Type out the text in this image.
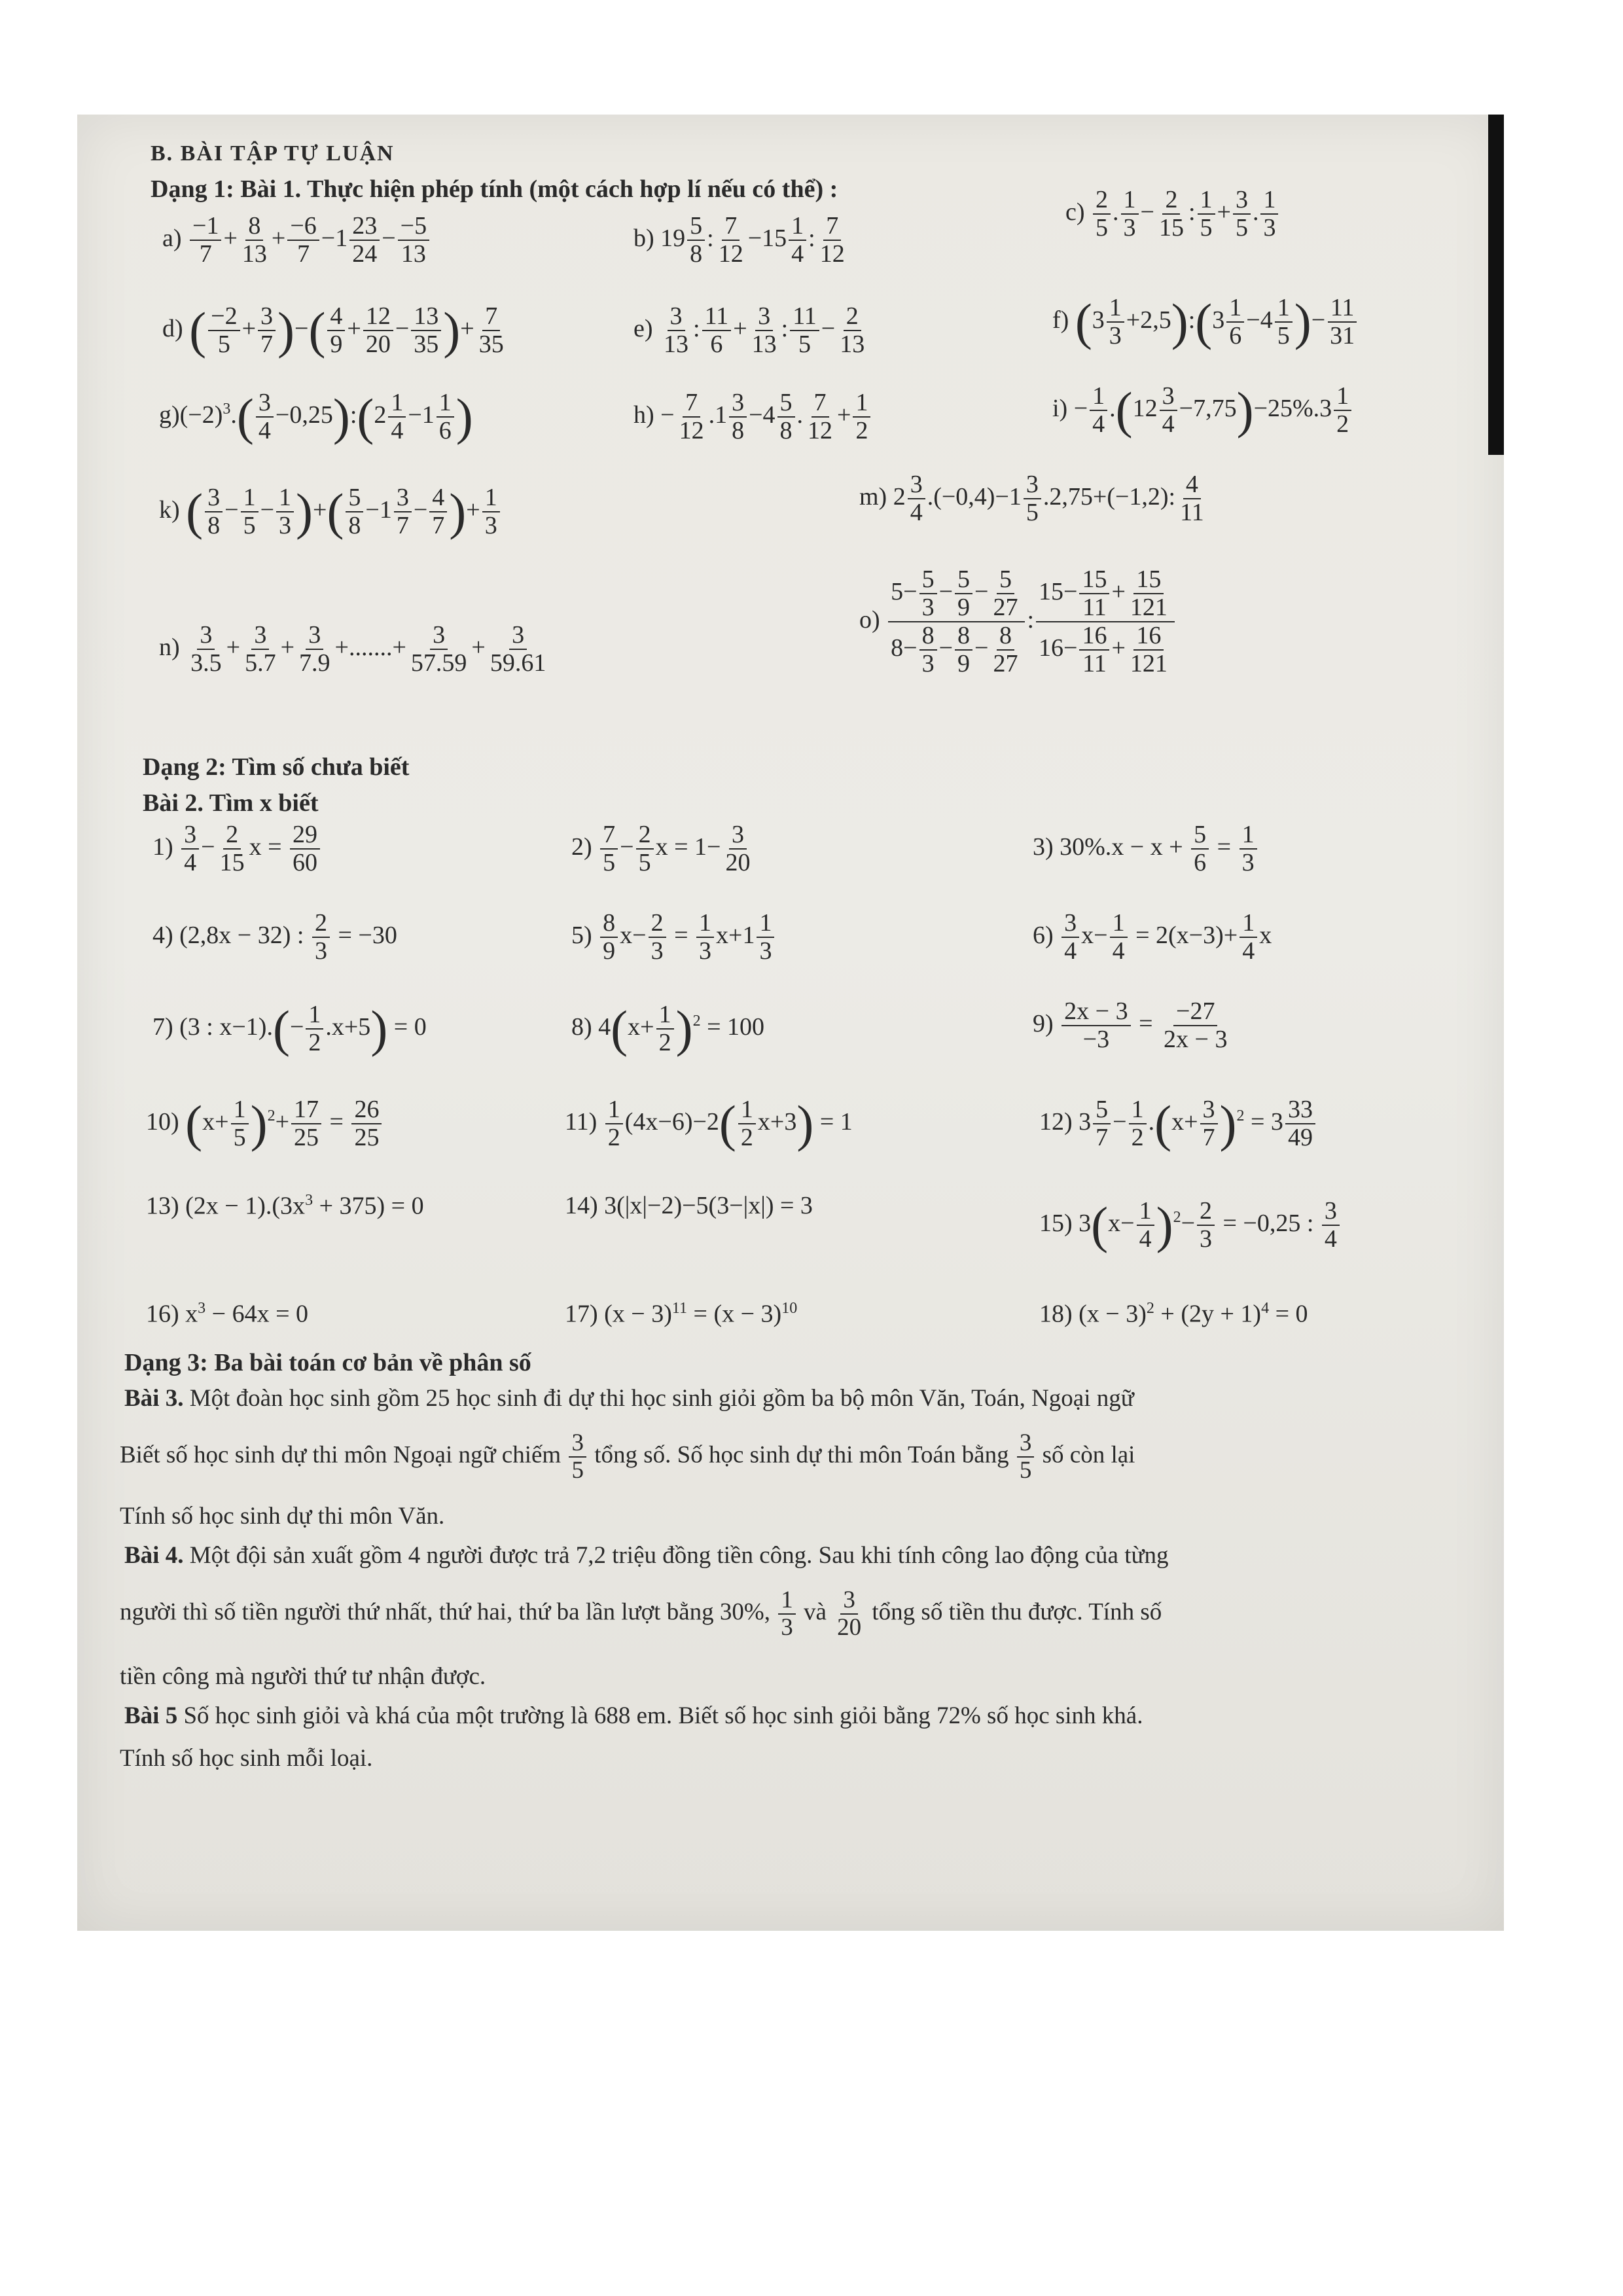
B. BÀI TẬP TỰ LUẬN
Dạng 1: Bài 1. Thực hiện phép tính (một cách hợp lí nếu có thể) :
$a) \frac{-1}{7} + \frac{8}{13} + \frac{-6}{7} -1 \frac{23}{24} - \frac{-5}{13}$	b) $19 \frac{5}{8}$ : $\frac{7}{12} -15 \frac{1}{4}$ : $\frac{7}{12}$
$c) \frac{2}{5}$ . $\frac{1}{3} - \frac{2}{15}$ : $\frac{1}{5} + \frac{3}{5}$ . $\frac{1}{3}$
d) ( $\frac{-2}{5} + \frac{3}{7}$ )−( $\frac{4}{9} + \frac{12}{20} - \frac{13}{35}$ )+ $\frac{7}{35}$	$e) \frac{3}{13}$ : $\frac{11}{6} + \frac{3}{13}$ : $\frac{11}{5} - \frac{2}{13}$	f) ($3 \frac{1}{3}$ +2,5):(3 $\frac{1}{6} -4 \frac{1}{5}$ )− $\frac{11}{31}$
$g)(-2)^3.( \frac{3}{4}$ −0,25):(2 $\frac{1}{4} -1 \frac{1}{6}$ )	$h) - \frac{7}{12} .1 \frac{3}{8} -4 \frac{5}{8}$ . $\frac{7}{12} + \frac{1}{2}$	$i) - \frac{1}{4} .(12 \frac{3}{4} -7,75)-25\%.3 \frac{1}{2}$
k) ( $\frac{3}{8} - \frac{1}{5} - \frac{1}{3}$ )+( $\frac{5}{8} -1 \frac{3}{7} - \frac{4}{7}$ )+ $\frac{1}{3}$	m) $2 \frac{3}{4} .(-0,4)-1 \frac{3}{5} .2,75+(-1,2)$: $\frac{4}{11}$
$n) \frac{3}{3.5} + \frac{3}{5.7} + \frac{3}{7.9}$ +.......+ $\frac{3}{57.59} + \frac{3}{59.61}$
$o) \frac{5- \frac{5}{3} - \frac{5}{9} - \frac{5}{27}}{8- \frac{8}{3} - \frac{8}{9} - \frac{8}{27}}$ : $\frac{15- \frac{15}{11} + \frac{15}{121}}{16- \frac{16}{11} + \frac{16}{121}}$
Dạng 2: Tìm số chưa biết
Bài 2. Tìm x biết
$1) \frac{3}{4} - \frac{2}{15}$ $x = \frac{29}{60}$	$2) \frac{7}{5} - \frac{2}{5}$ $x = 1- \frac{3}{20}$	3) $30\%.x - x + \frac{5}{6} = \frac{1}{3}$
4) (2,8x − 32) : $\frac{2}{3} = -30$	$5) \frac{8}{9} x- \frac{2}{3} = \frac{1}{3} x+1 \frac{1}{3}$	$6) \frac{3}{4} x- \frac{1}{4} = 2(x-3)+ \frac{1}{4}$ x
7) (3 : $x-1).(- \frac{1}{2} .x+5) = 0$	8) $4(x+ \frac{1}{2} )^2 = 100$	$9) \frac{2x - 3}{-3} = \frac{-27}{2x - 3}$
10) $(x+ \frac{1}{5} )^2+ \frac{17}{25} = \frac{26}{25}$	$11) \frac{1}{2} (4x-6)-2( \frac{1}{2} x+3) = 1$	12) $3 \frac{5}{7} - \frac{1}{2} .(x+ \frac{3}{7} )^2 = 3 \frac{33}{49}$
13) $(2x - 1).(3x^3 + 375) = 0$	14) 3(|x|−2)−5(3−|x|) = 3
15) $3(x- \frac{1}{4} )^2- \frac{2}{3} = -0,25$ : $\frac{3}{4}$
16) $x^3 - 64x = 0$	17) $(x - 3)^{11} = (x - 3)^{10}$	18) $(x - 3)^2 + (2y + 1)^4 = 0$
Dạng 3: Ba bài toán cơ bản về phân số
Bài 3. Một đoàn học sinh gồm 25 học sinh đi dự thi học sinh giỏi gồm ba bộ môn Văn, Toán, Ngoại ngữ
Biết số học sinh dự thi môn Ngoại ngữ chiếm $\frac{3}{5}$ tổng số. Số học sinh dự thi môn Toán bằng $\frac{3}{5}$ số còn lại
Tính số học sinh dự thi môn Văn.
Bài 4. Một đội sản xuất gồm 4 người được trả 7,2 triệu đồng tiền công. Sau khi tính công lao động của từng
người thì số tiền người thứ nhất, thứ hai, thứ ba lần lượt bằng 30%, $\frac{1}{3}$ và $\frac{3}{20}$ tổng số tiền thu được. Tính số
tiền công mà người thứ tư nhận được.
Bài 5 Số học sinh giỏi và khá của một trường là 688 em. Biết số học sinh giỏi bằng 72% số học sinh khá.
Tính số học sinh mỗi loại.
